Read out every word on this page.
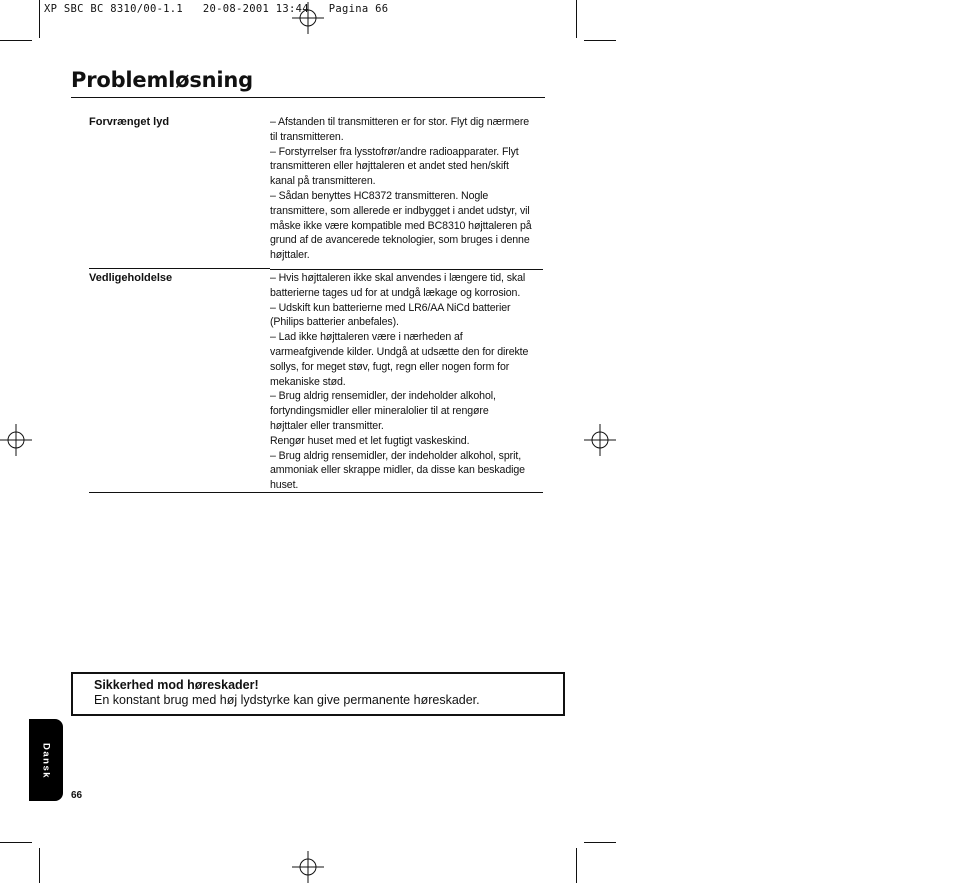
XP SBC BC 8310/00-1.1   20-08-2001 13:44   Pagina 66
Problemløsning
Forvrænget lyd	– Afstanden til transmitteren er for stor. Flyt dig nærmere

til transmitteren.

– Forstyrrelser fra lysstofrør/andre radioapparater. Flyt

transmitteren eller højttaleren et andet sted hen/skift

kanal på transmitteren.

– Sådan benyttes HC8372 transmitteren. Nogle

transmittere, som allerede er indbygget i andet udstyr, vil

måske ikke være kompatible med BC8310 højttaleren på

grund af de avancerede teknologier, som bruges i denne

højttaler.

Vedligeholdelse	– Hvis højttaleren ikke skal anvendes i længere tid, skal

batterierne tages ud for at undgå lækage og korrosion.

– Udskift kun batterierne med LR6/AA NiCd batterier

(Philips batterier anbefales).

– Lad ikke højttaleren være i nærheden af

varmeafgivende kilder. Undgå at udsætte den for direkte

sollys, for meget støv, fugt, regn eller nogen form for

mekaniske stød.

– Brug aldrig rensemidler, der indeholder alkohol,

fortyndingsmidler eller mineralolier til at rengøre

højttaler eller transmitter.

Rengør huset med et let fugtigt vaskeskind.

– Brug aldrig rensemidler, der indeholder alkohol, sprit,

ammoniak eller skrappe midler, da disse kan beskadige

huset.

Sikkerhed mod høreskader!
En konstant brug med høj lydstyrke kan give permanente høreskader.
Dansk
66
